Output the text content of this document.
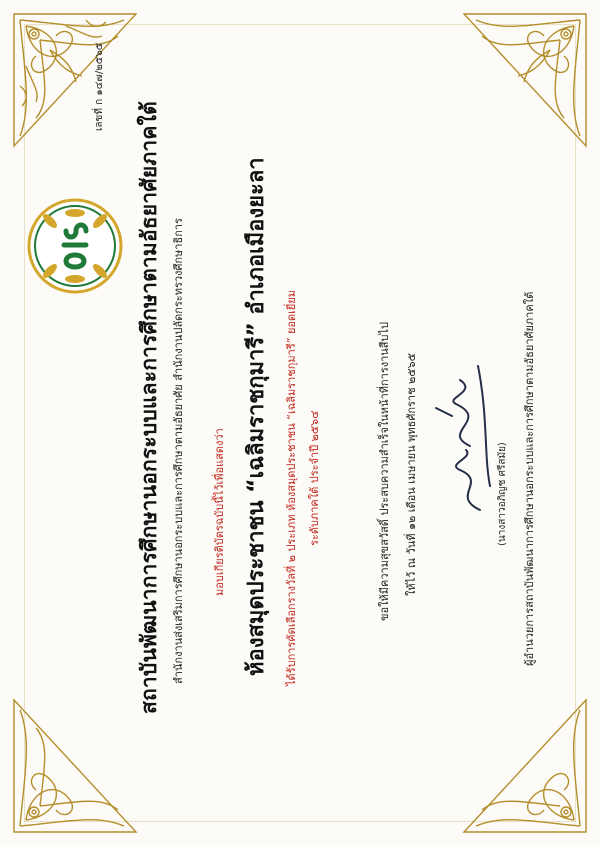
เลขที่ ก ๑๔๗/๒๕๖๕
สถาบันพัฒนาการศึกษานอกระบบและการศึกษาตามอัธยาศัยภาคใต้	สำนักงานส่งเสริมการศึกษานอกระบบและการศึกษาตามอัธยาศัย สำนักงานปลัดกระทรวงศึกษาธิการ	มอบเกียรติบัตรฉบับนี้ไว้เพื่อแสดงว่า ห้องสมุดประชาชน “เฉลิมราชกุมารี” อำเภอเมืองยะลา	ได้รับการคัดเลือกรางวัลที่ ๒ ประเภท ห้องสมุดประชาชน “เฉลิมราชกุมารี” ยอดเยี่ยม ระดับภาคใต้ ประจำปี ๒๕๖๔	ขอให้มีความสุขสวัสดิ์ ประสบความสำเร็จในหน้าที่การงานสืบไป ให้ไว้ ณ วันที่ ๑๒ เดือน เมษายน พุทธศักราช ๒๕๖๕	(นางสาวอภิญช ศรีสมัย) ผู้อำนวยการสถาบันพัฒนาการศึกษานอกระบบและการศึกษาตามอัธยาศัยภาคใต้
